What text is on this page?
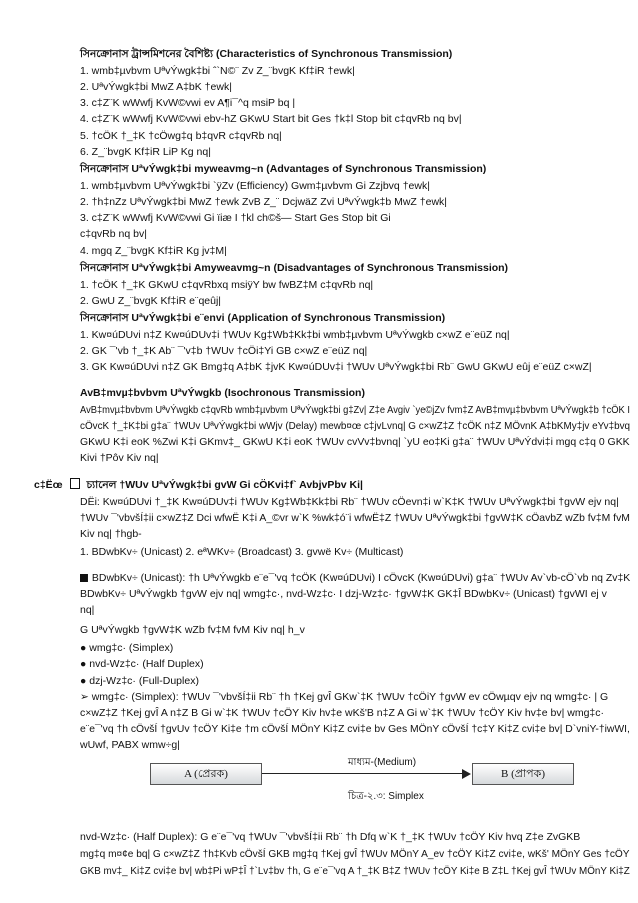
সিনক্রোনাস ট্রান্সমিশনের বৈশিষ্ট্য (Characteristics of Synchronous Transmission)
1. wmb‡µvbvm UªvÝwgk‡bi ˆ`N©¨ Zv Z_¨bvgK Kf‡iR †ewk|
2. UªvÝwgk‡bi MwZ A‡bK †ewk|
3. c‡Z¨K wWwfj KvW©vwi ev A¶i¯^q msiP bq |
4. c‡Z¨K wWwfj KvW©vwi ebv-hZ GKwU Start bit Ges †k‡l Stop bit c‡qvRb nq bv|
5. †cÖK †_‡K †cÖwg‡q b‡qvR c‡qvRb nq|
6. Z_¨bvgK Kf‡iR LiP Kg nq|
সিনক্রোনাস UªvÝwgk‡bi myweavmg~n (Advantages of Synchronous Transmission)
1. wmb‡µvbvm UªvÝwgk‡bi `ÿZv (Efficiency) Gwm‡µvbvm Gi Zzjbvq †ewk|
2. †h‡nZz UªvÝwgk‡bi MwZ †ewk ZvB Z_¨ DcjwäZ Zvi UªvÝwgk‡b MwZ †ewk|
3. c‡Z¨K wWwfj KvW©vwi Gi ïiæ I †kl ch©š— Start Ges Stop bit Gi
c‡qvRb nq bv|
4. mgq Z_¨bvgK Kf‡iR Kg jv‡M|
সিনক্রোনাস UªvÝwgk‡bi Amyweavmg~n (Disadvantages of Synchronous Transmission)
1. †cÖK †_‡K GKwU c‡qvRbxq msiÿY bw fwBZ‡M c‡qvRb nq|
2. GwU Z_¨bvgK Kf‡iR e¨qeûj|
সিনক্রোনাস UªvÝwgk‡bi e¨envi (Application of Synchronous Transmission)
1. Kw¤úDUvi n‡Z Kw¤úDUv‡i †WUv Kg‡Wb‡Kk‡bi wmb‡µvbvm UªvÝwgkb c×wZ e¨eüZ nq|
2. GK ¯'vb †_‡K Ab¨ ¯'v‡b †WUv †cÖi‡Yi GB c×wZ e¨eüZ nq|
3. GK Kw¤úDUvi n‡Z GK Bmg‡q A‡bK ‡jvK Kw¤úDUv‡i †WUv UªvÝwgk‡bi Rb¨ GwU GKwU eûj e¨eüZ c×wZ|
AvB‡mvµ‡bvbvm UªvÝwgkb (Isochronous Transmission)
AvB‡mvµ‡bvbvm UªvÝwgkb c‡qvRb wmb‡µvbvm UªvÝwgk‡bi g‡Zv| Z‡e Avgiv `ye©jZv fvm‡Z AvB‡mvµ‡bvbvm UªvÝwgk‡b †cÖK I
cÖvcK †_‡K‡bi g‡a¨ †WUv UªvÝwgk‡bi wWjv (Delay) mewb¤œ c‡jvLvnq| G c×wZ‡Z †cÖK n‡Z MÖvnK A‡bKMy‡jv eYv‡bvq
GKwU K‡i eoK %Zwi K‡i GKmv‡_ GKwU K‡i eoK †WUv cvVv‡bvnq| `yU eo‡Ki g‡a¨ †WUv UªvÝdvi‡i mgq c‡q 0 GKK
Kivi †Pôv Kiv nq|
c‡Ëœ চ্যানেল †WUv UªvÝwgk‡bi gvW Gi cÖKvi‡f` AvbjvPbv Ki|
DËi: Kw¤úDUvi †_‡K Kw¤úDUv‡i †WUv Kg‡Wb‡Kk‡bi Rb¨ †WUv cÖevn‡i w`K‡K †WUv UªvÝwgk‡bi †gvW ejv nq|
†WUv ¯'vbvšÍ‡ii c×wZ‡Z Dci wfwË K‡i A_©vr w`K %wk‡ó¨i wfwË‡Z †WUv UªvÝwgk‡bi †gvW‡K cÖavbZ wZb fv‡M fvM
Kiv nq| †hgb-
1. BDwbKv÷ (Unicast) 2. eªWKv÷ (Broadcast) 3. gvwë Kv÷ (Multicast)
BDwbKv÷ (Unicast): †h UªvÝwgkb e¨e¯'vq †cÖK (Kw¤úDUvi) I cÖvcK (Kw¤úDUvi) g‡a¨ †WUv Av`vb-cÖ`vb nq Zv‡K
BDwbKv÷ UªvÝwgkb †gvW ejv nq| wmg‡c·, nvd-Wz‡c· I dzj-Wz‡c· †gvW‡K GK‡Î BDwbKv÷ (Unicast) †gvWI ej v
nq|
G UªvÝwgkb †gvW‡K wZb fv‡M fvM Kiv nq| h_v
● wmg‡c· (Simplex)
● nvd-Wz‡c· (Half Duplex)
● dzj-Wz‡c· (Full-Duplex)
➢ wmg‡c· (Simplex): †WUv ¯'vbvšÍ‡ii Rb¨ †h †Kej gvÎ GKw`‡K †WUv †cÖiY †gvW ev cÖwµqv ejv nq wmg‡c· | G
c×wZ‡Z †Kej gvÎ A n‡Z B Gi w`‡K †WUv †cÖY Kiv hv‡e wKš'B n‡Z A Gi w`‡K †WUv †cÖY Kiv hv‡e bv| wmg‡c·
e¨e¯'vq †h cÖvšÍ †gvUv †cÖY Ki‡e †m cÖvšÍ MÖnY Ki‡Z cvi‡e bv Ges MÖnY cÖvšÍ †c‡Y Ki‡Z cvi‡e bv| D`vniY-†iwWI,
wUwf, PABX wmw÷g|
A (প্রেরক)
মাধ্যম-(Medium)
B (প্রাপক)
চিত্র-২.৩: Simplex
nvd-Wz‡c· (Half Duplex): G e¨e¯'vq †WUv ¯'vbvšÍ‡ii Rb¨ †h Dfq w`K †_‡K †WUv †cÖY Kiv hvq Z‡e ZvGKB
mg‡q m¤¢e bq| G c×wZ‡Z †h‡Kvb cÖvšÍ GKB mg‡q †Kej gvÎ †WUv MÖnY A_ev †cÖY Ki‡Z cvi‡e, wKš' MÖnY Ges †cÖY
GKB mv‡_ Ki‡Z cvi‡e bv| wb‡Pi wP‡Î †`Lv‡bv †h, G e¨e¯'vq A †_‡K B‡Z †WUv †cÖY Ki‡e B Z‡L †Kej gvÎ †WUv MÖnY Ki‡Z
